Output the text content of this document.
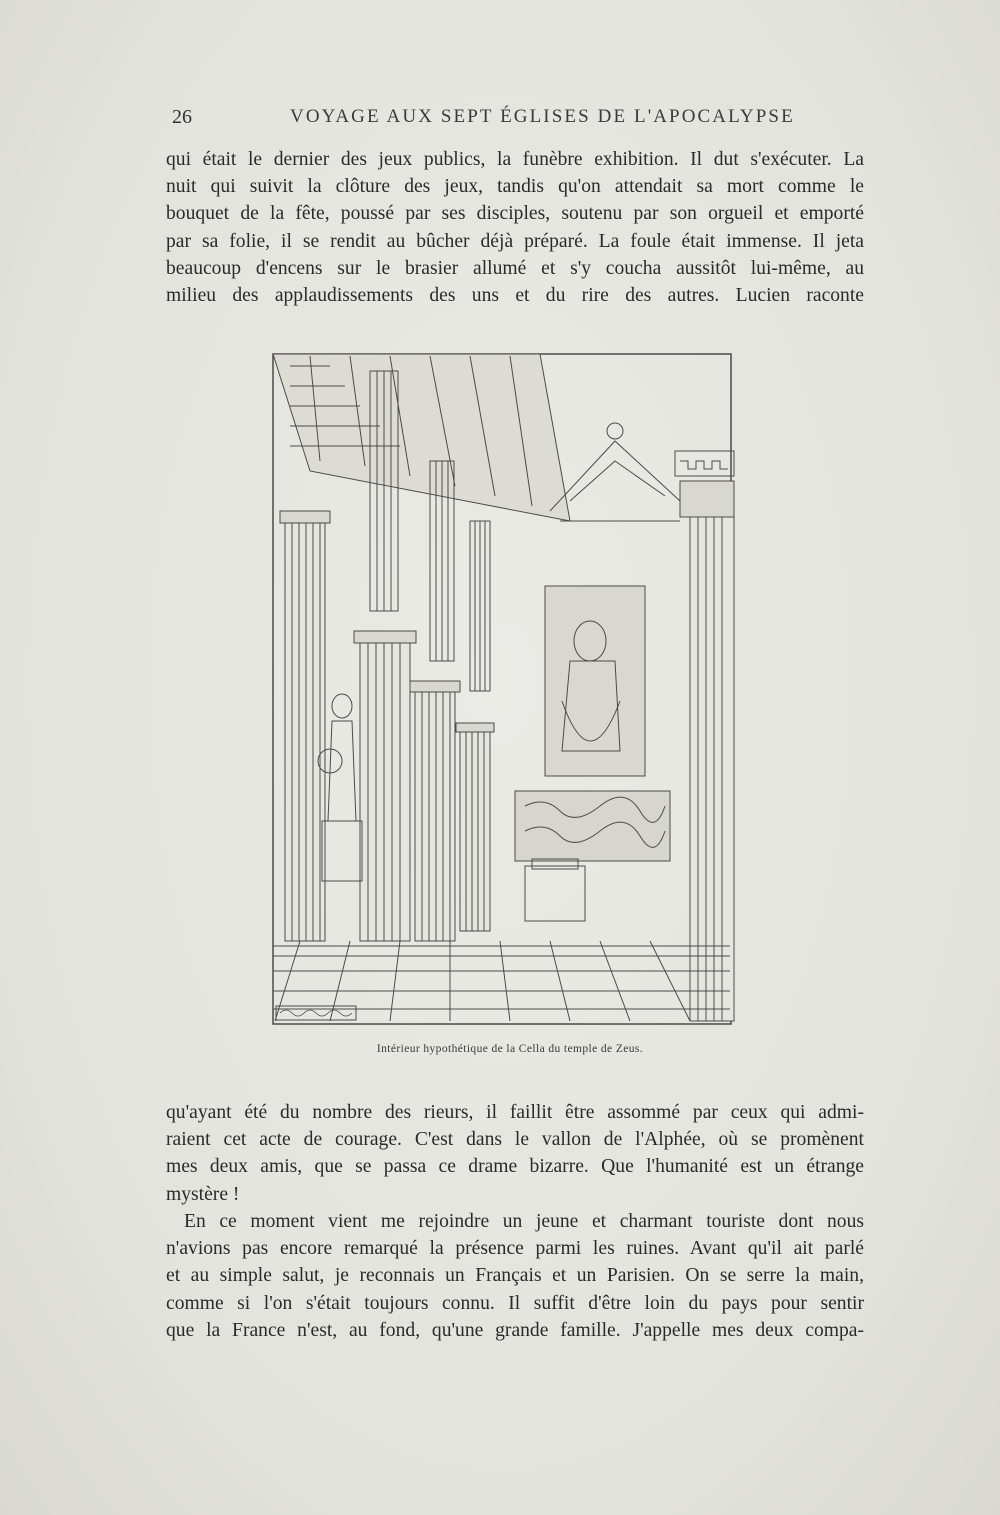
26	VOYAGE AUX SEPT ÉGLISES DE L'APOCALYPSE
qui était le dernier des jeux publics, la funèbre exhibition. Il dut s'exécuter. La
nuit qui suivit la clôture des jeux, tandis qu'on attendait sa mort comme le
bouquet de la fête, poussé par ses disciples, soutenu par son orgueil et emporté
par sa folie, il se rendit au bûcher déjà préparé. La foule était immense. Il jeta
beaucoup d'encens sur le brasier allumé et s'y coucha aussitôt lui-même, au
milieu des applaudissements des uns et du rire des autres. Lucien raconte
Intérieur hypothétique de la Cella du temple de Zeus.
qu'ayant été du nombre des rieurs, il faillit être assommé par ceux qui admi-
raient cet acte de courage. C'est dans le vallon de l'Alphée, où se promènent
mes deux amis, que se passa ce drame bizarre. Que l'humanité est un étrange
mystère !
En ce moment vient me rejoindre un jeune et charmant touriste dont nous
n'avions pas encore remarqué la présence parmi les ruines. Avant qu'il ait parlé
et au simple salut, je reconnais un Français et un Parisien. On se serre la main,
comme si l'on s'était toujours connu. Il suffit d'être loin du pays pour sentir
que la France n'est, au fond, qu'une grande famille. J'appelle mes deux compa-
